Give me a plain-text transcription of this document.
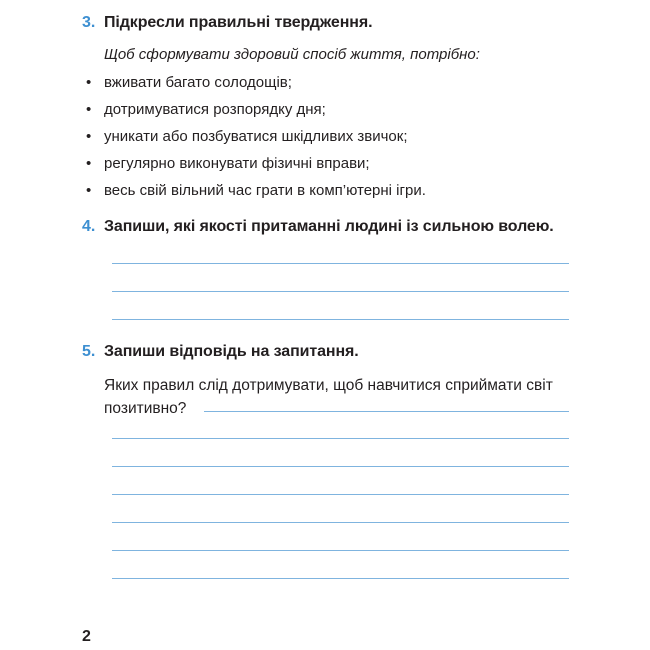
3. Підкресли правильні твердження.
Щоб сформувати здоровий спосіб життя, потрібно:
• вживати багато солодощів;
• дотримуватися розпорядку дня;
• уникати або позбуватися шкідливих звичок;
• регулярно виконувати фізичні вправи;
• весь свій вільний час грати в комп’ютерні ігри.
4. Запиши, які якості притаманні людині із сильною волею.
5. Запиши відповідь на запитання.
Яких правил слід дотримувати, щоб навчитися сприймати світ
позитивно?
2
